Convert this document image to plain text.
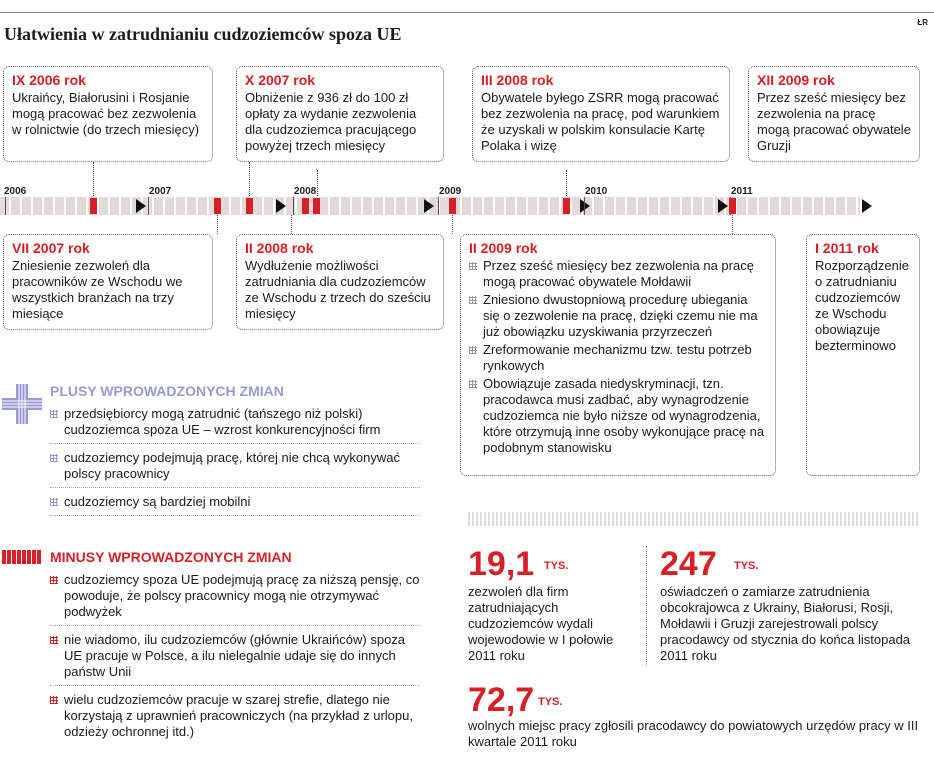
ŁR
Ułatwienia w zatrudnianiu cudzoziemców spoza UE
IX 2006 rok
Ukraińcy, Białorusini i Rosjanie mogą pracować bez zezwolenia w rolnictwie (do trzech miesięcy)
X 2007 rok
Obniżenie z 936 zł do 100 zł opłaty za wydanie zezwolenia dla cudzoziemca pracującego powyżej trzech miesięcy
III 2008 rok
Obywatele byłego ZSRR mogą pracować bez zezwolenia na pracę, pod warunkiem że uzyskali w polskim konsulacie Kartę Polaka i wizę
XII 2009 rok
Przez sześć miesięcy bez zezwolenia na pracę mogą pracować obywatele Gruzji
2006	2007	2008	2009	2010	2011
VII 2007 rok
Zniesienie zezwoleń dla pracowników ze Wschodu we wszystkich branżach na trzy miesiące
II 2008 rok
Wydłużenie możliwości zatrudniania dla cudzoziemców ze Wschodu z trzech do sześciu miesięcy
II 2009 rok
Przez sześć miesięcy bez zezwolenia na pracę mogą pracować obywatele Mołdawii
Zniesiono dwustopniową procedurę ubiegania się o zezwolenie na pracę, dzięki czemu nie ma już obowiązku uzyskiwania przyrzeczeń
Zreformowanie mechanizmu tzw. testu potrzeb rynkowych
Obowiązuje zasada niedyskryminacji, tzn. pracodawca musi zadbać, aby wynagrodzenie cudzoziemca nie było niższe od wynagrodzenia, które otrzymują inne osoby wykonujące pracę na podobnym stanowisku
I 2011 rok
Rozporządzenie o zatrudnianiu cudzoziemców ze Wschodu obowiązuje bezterminowo
PLUSY WPROWADZONYCH ZMIAN
przedsiębiorcy mogą zatrudnić (tańszego niż polski) cudzoziemca spoza UE – wzrost konkurencyjności firm
cudzoziemcy podejmują pracę, której nie chcą wykonywać polscy pracownicy
cudzoziemcy są bardziej mobilni
MINUSY WPROWADZONYCH ZMIAN
cudzoziemcy spoza UE podejmują pracę za niższą pensję, co powoduje, że polscy pracownicy mogą nie otrzymywać podwyżek
nie wiadomo, ilu cudzoziemców (głównie Ukraińców) spoza UE pracuje w Polsce, a ilu nielegalnie udaje się do innych państw Unii
wielu cudzoziemców pracuje w szarej strefie, dlatego nie korzystają z uprawnień pracowniczych (na przykład z urlopu, odzieży ochronnej itd.)
19,1 TYS.
zezwoleń dla firm zatrudniających cudzoziemców wydali wojewodowie w I połowie 2011 roku
247 TYS.
oświadczeń o zamiarze zatrudnienia obcokrajowca z Ukrainy, Białorusi, Rosji, Mołdawii i Gruzji zarejestrowali polscy pracodawcy od stycznia do końca listopada 2011 roku
72,7 TYS.
wolnych miejsc pracy zgłosili pracodawcy do powiatowych urzędów pracy w III kwartale 2011 roku
